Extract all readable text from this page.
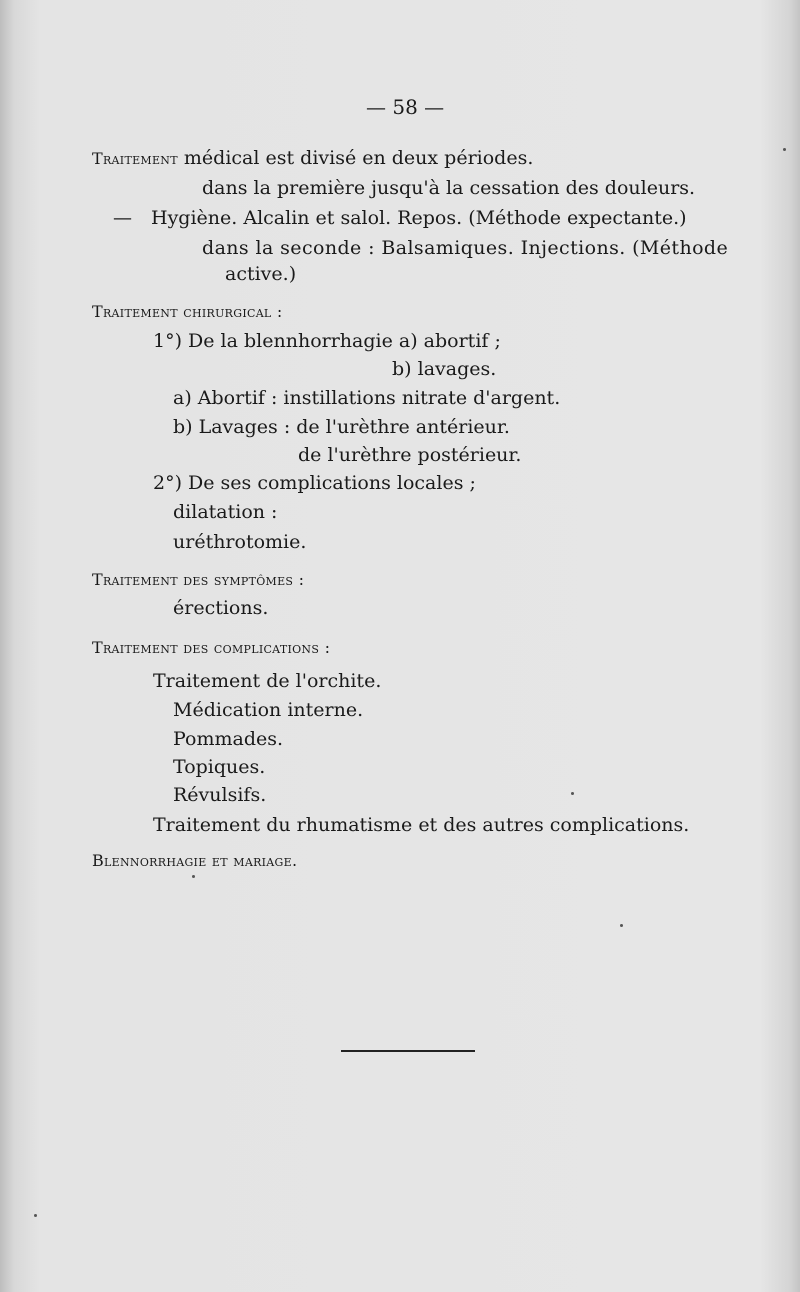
— 58 —
Traitement médical est divisé en deux périodes.
dans la première jusqu'à la cessation des douleurs.
— Hygiène. Alcalin et salol. Repos. (Méthode expectante.)
dans la seconde : Balsamiques. Injections. (Méthode
active.)
Traitement chirurgical :
1°) De la blennhorrhagie a) abortif ;
b) lavages.
a) Abortif : instillations nitrate d'argent.
b) Lavages : de l'urèthre antérieur.
de l'urèthre postérieur.
2°) De ses complications locales ;
dilatation :
uréthrotomie.
Traitement des symptômes :
érections.
Traitement des complications :
Traitement de l'orchite.
Médication interne.
Pommades.
Topiques.
Révulsifs.
Traitement du rhumatisme et des autres complications.
Blennorrhagie et mariage.
